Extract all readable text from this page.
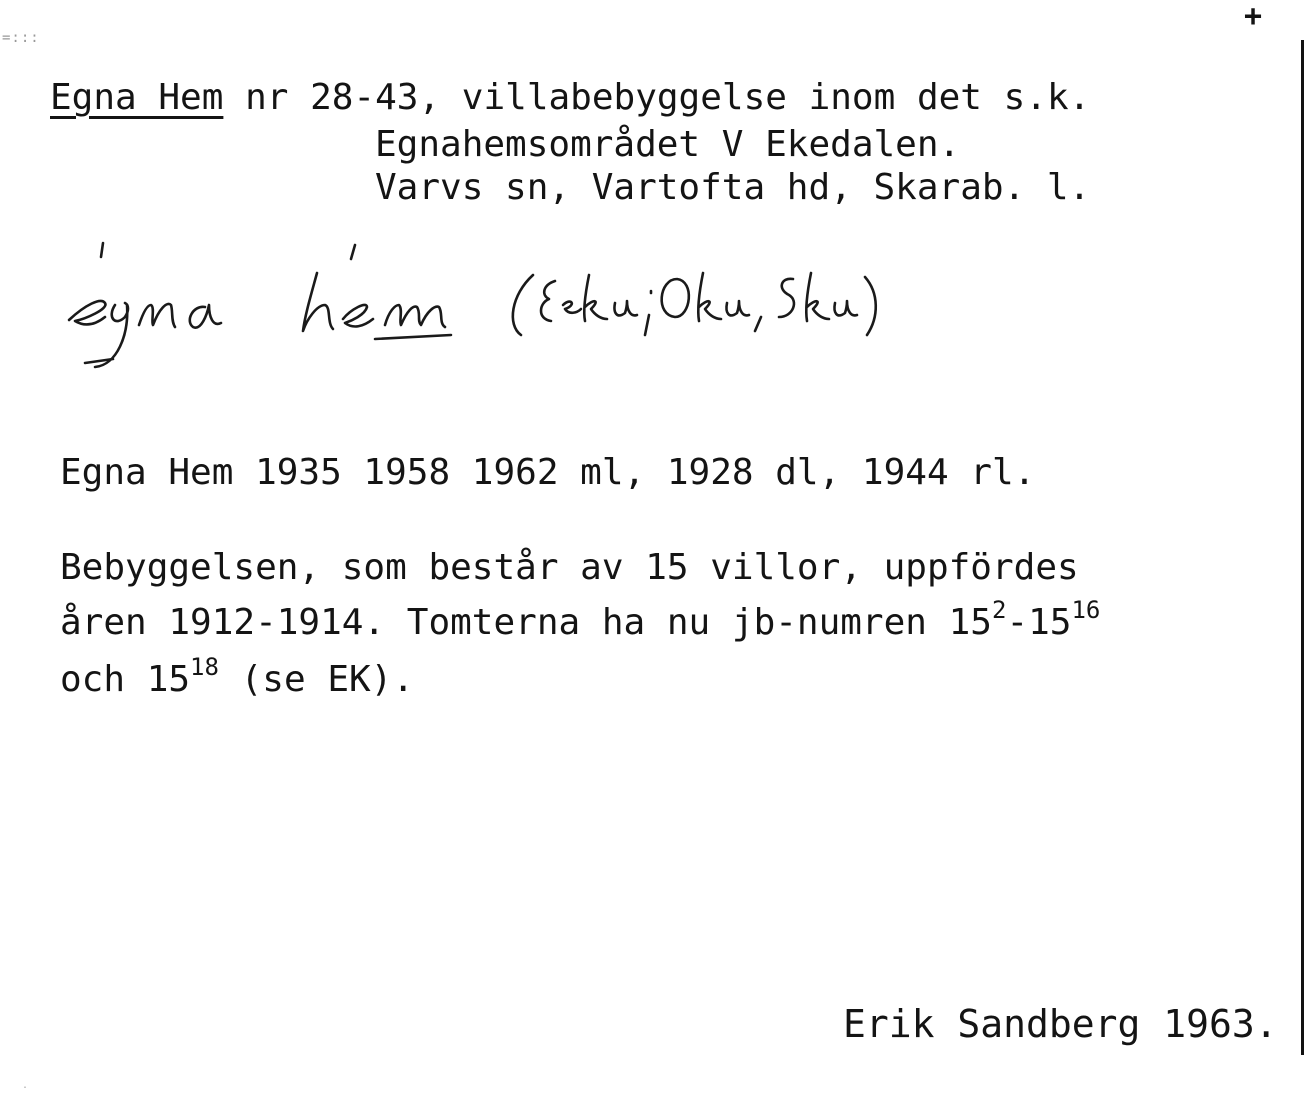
+
=:::
Egna Hem nr 28-43, villabebyggelse inom det s.k.
Egnahemsområdet V Ekedalen.
Varvs sn, Vartofta hd, Skarab. l.
égna hém (Eeku, Oku, Sku)
Egna Hem 1935 1958 1962 ml, 1928 dl, 1944 rl.
Bebyggelsen, som består av 15 villor, uppfördes
åren 1912-1914. Tomterna ha nu jb-numren $15^2-15^{16}$
och $15^{18}$ (se EK).
Erik Sandberg 1963.
.
